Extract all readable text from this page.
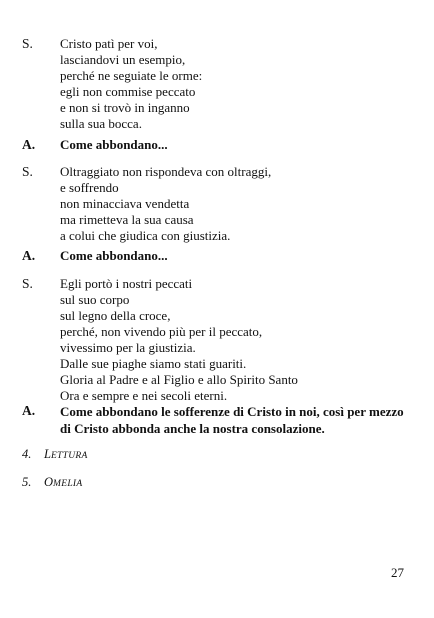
S. Cristo patì per voi,
lasciandovi un esempio,
perché ne seguiate le orme:
egli non commise peccato
e non si trovò in inganno
sulla sua bocca.
A. Come abbondano...
S. Oltraggiato non rispondeva con oltraggi,
e soffrendo
non minacciava vendetta
ma rimetteva la sua causa
a colui che giudica con giustizia.
A. Come abbondano...
S. Egli portò i nostri peccati
sul suo corpo
sul legno della croce,
perché, non vivendo più per il peccato,
vivessimo per la giustizia.
Dalle sue piaghe siamo stati guariti.
Gloria al Padre e al Figlio e allo Spirito Santo
Ora e sempre e nei secoli eterni.
A. Come abbondano le sofferenze di Cristo in noi, così per mezzo di Cristo abbonda anche la nostra consolazione.
4. LETTURA
5. OMELIA
27
